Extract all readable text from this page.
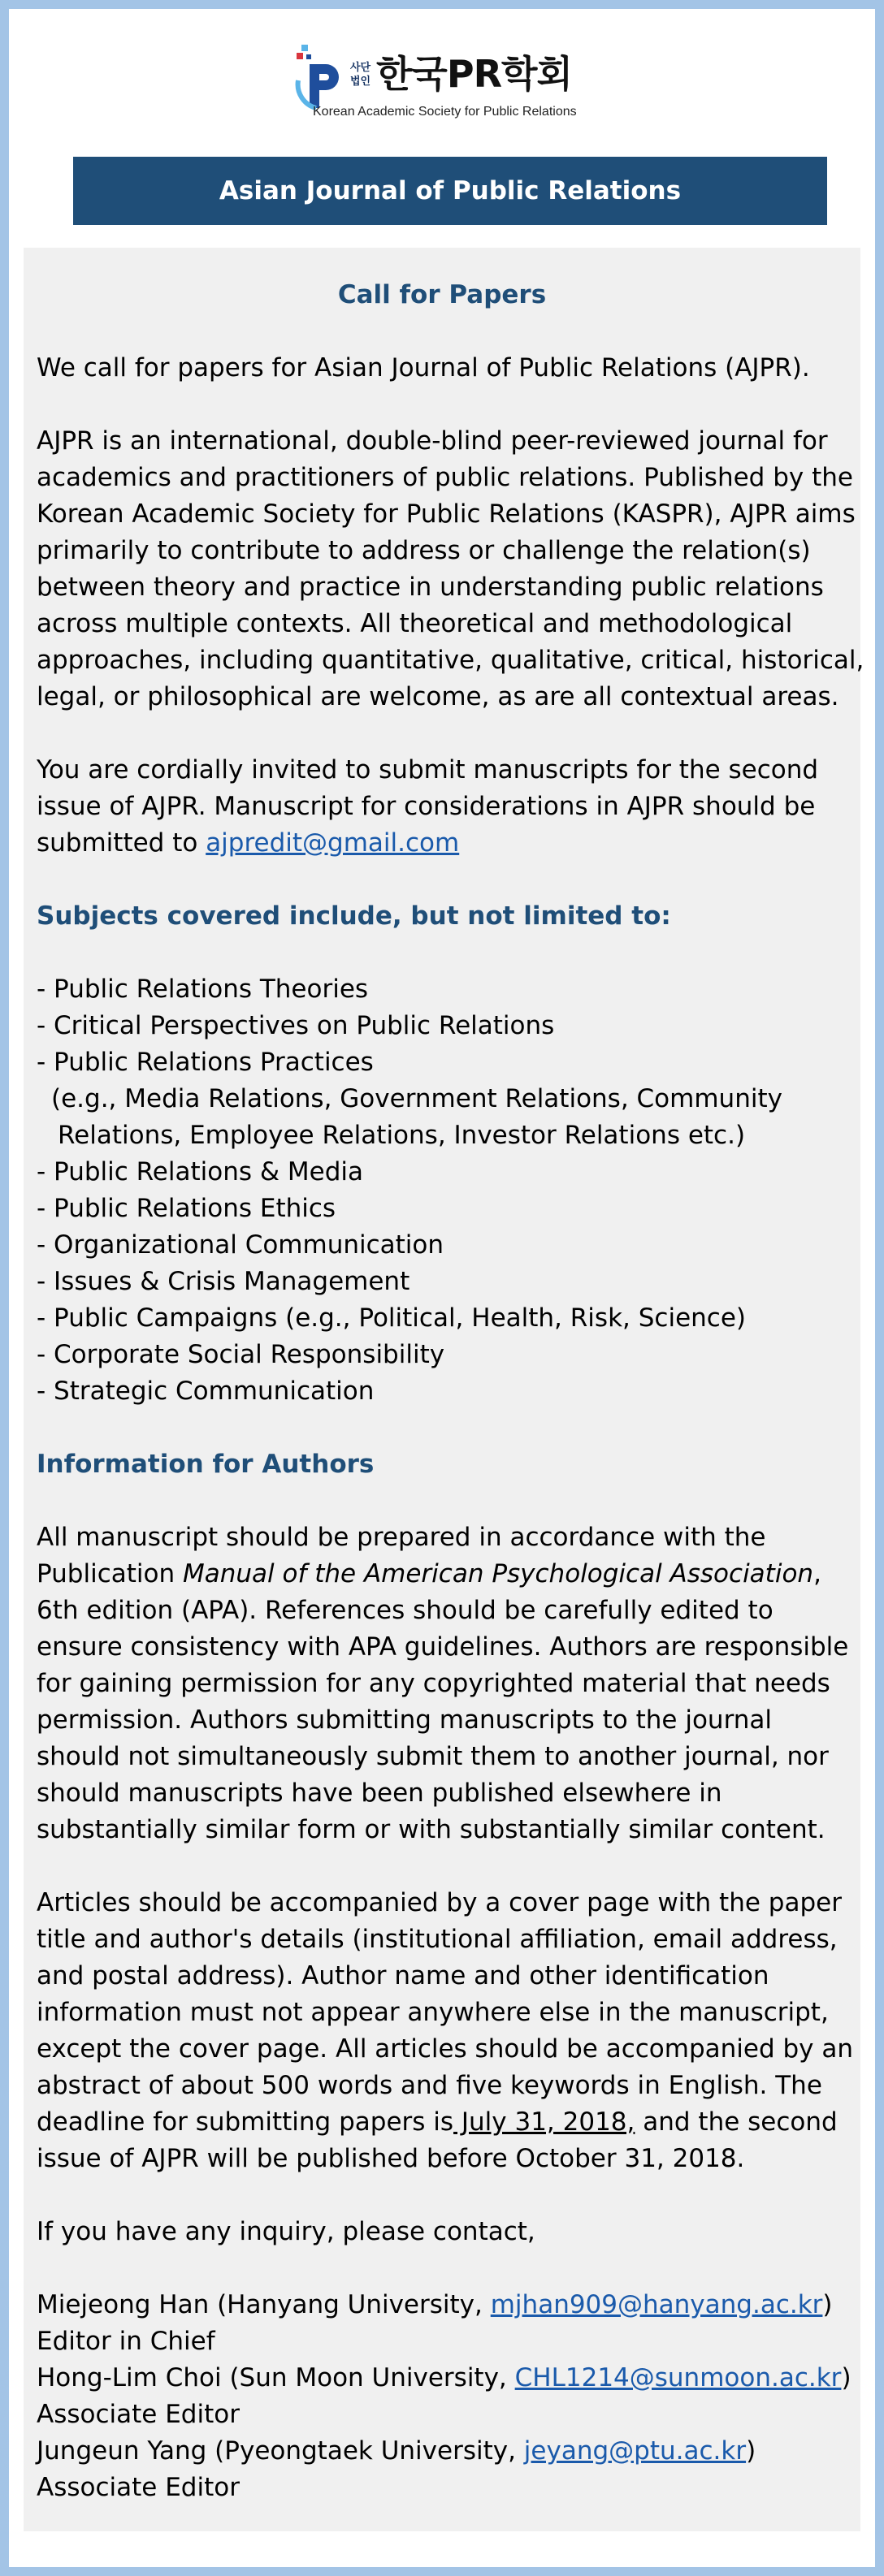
사단법인 한국PR학회
Korean Academic Society for Public Relations
Asian Journal of Public Relations
Call for Papers
We call for papers for Asian Journal of Public Relations (AJPR).
AJPR is an international, double-blind peer-reviewed journal for
academics and practitioners of public relations. Published by the
Korean Academic Society for Public Relations (KASPR), AJPR aims
primarily to contribute to address or challenge the relation(s)
between theory and practice in understanding public relations
across multiple contexts. All theoretical and methodological
approaches, including quantitative, qualitative, critical, historical,
legal, or philosophical are welcome, as are all contextual areas.
You are cordially invited to submit manuscripts for the second
issue of AJPR. Manuscript for considerations in AJPR should be
submitted to ajpredit@gmail.com
Subjects covered include, but not limited to:
- Public Relations Theories
- Critical Perspectives on Public Relations
- Public Relations Practices
(e.g., Media Relations, Government Relations, Community
Relations, Employee Relations, Investor Relations etc.)
- Public Relations & Media
- Public Relations Ethics
- Organizational Communication
- Issues & Crisis Management
- Public Campaigns (e.g., Political, Health, Risk, Science)
- Corporate Social Responsibility
- Strategic Communication
Information for Authors
All manuscript should be prepared in accordance with the
Publication Manual of the American Psychological Association,
6th edition (APA). References should be carefully edited to
ensure consistency with APA guidelines. Authors are responsible
for gaining permission for any copyrighted material that needs
permission. Authors submitting manuscripts to the journal
should not simultaneously submit them to another journal, nor
should manuscripts have been published elsewhere in
substantially similar form or with substantially similar content.
Articles should be accompanied by a cover page with the paper
title and author's details (institutional affiliation, email address,
and postal address). Author name and other identification
information must not appear anywhere else in the manuscript,
except the cover page. All articles should be accompanied by an
abstract of about 500 words and five keywords in English. The
deadline for submitting papers is July 31, 2018, and the second
issue of AJPR will be published before October 31, 2018.
If you have any inquiry, please contact,
Miejeong Han (Hanyang University, mjhan909@hanyang.ac.kr)
Editor in Chief
Hong-Lim Choi (Sun Moon University, CHL1214@sunmoon.ac.kr)
Associate Editor
Jungeun Yang (Pyeongtaek University, jeyang@ptu.ac.kr)
Associate Editor
